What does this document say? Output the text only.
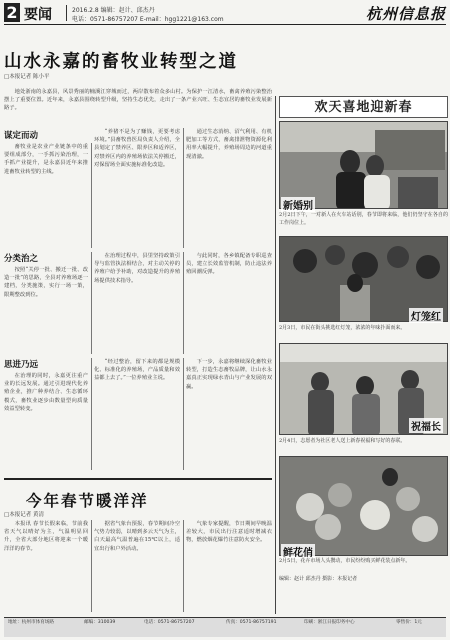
2 要闻	2016.2.8 编辑：赵计、邱杰丹
电话：0571-86757207 E-mail：hgg1221@163.com	杭州信息报
山水永嘉的畜牧业转型之道
□本报记者 陈小平

地处浙南的永嘉县，风景秀丽的楠溪江穿城而过，两岸散布着众多山村。为保护一江清水，畜禽养殖污染整治摆上了重要位置。近年来，永嘉县围绕转型升级，坚持生态优先，走出了一条产业兴旺、生态宜居的畜牧业发展新路子。

谋定而动

畜牧业是农业产业链条中的重要组成部分，一手抓污染治理，一手抓产业提升，是永嘉县近年来推进畜牧业转型的主线。

“养猪不是为了赚钱，更要考虑环境。”县畜牧兽医局负责人介绍，全县划定了禁养区、限养区和适养区，对禁养区内的养殖场依法关停搬迁，对保留场全面实施标准化改造。

通过生态消纳、沼气利用、有机肥加工等方式，畜禽排泄物资源化利用率大幅提升，养殖场周边的河道重现清澈。

分类治之

按照“关停一批、搬迁一批、改造一批”的思路，全县对养殖场逐一建档，分类施策，实行一场一策，限期整改到位。

在治理过程中，县里坚持政策引导与监管执法相结合，对主动关停的养殖户给予补助，对改造提升的养殖场提供技术指导。

与此同时，各乡镇配备专职巡查员，建立长效监管机制，防止违法养殖回潮反弹。

思进乃远

在治理的同时，永嘉更注重产业的长远发展。通过引进现代化养殖企业，推广种养结合、生态循环模式，畜牧业逐步由数量型向质量效益型转变。

“经过整治，留下来的都是规模化、标准化的养殖场，产品质量和效益都上去了。”一位养殖业主说。

下一步，永嘉将继续深化畜牧业转型，打造生态畜牧品牌，让山水永嘉真正实现绿水青山与产业发展的双赢。

今年春节暖洋洋
□本报记者 黄清

本报讯 春节长假来临，节前我省天气以晴好为主，气温明显回升，全省大部分地区将迎来一个暖洋洋的春节。

据省气象台预报，春节期间冷空气势力较弱，以晴到多云天气为主，白天最高气温普遍在15℃以上，适宜出行和户外活动。

气象专家提醒，节日期间早晚温差较大，市民出行注意适时增减衣物，燃放烟花爆竹注意防火安全。

欢天喜地迎新春
新婚别
2月2日下午，一对新人在火车站话别，春节即将来临，他们仍坚守在各自的工作岗位上。
灯笼红
2月3日，市民在街头挑选红灯笼，浓浓的年味扑面而来。
祝福长
2月4日，志愿者为社区老人送上新春祝福和写好的春联。
鲜花俏
2月5日，花卉市场人头攒动，市民纷纷购买鲜花装点新年。
编辑：赵计 邱杰丹 摄影：本报记者
地址：杭州市体育场路	邮编：310039	电话：0571-86757207	传真：0571-86757191	印刷：浙江日报印务中心	零售价：1元
